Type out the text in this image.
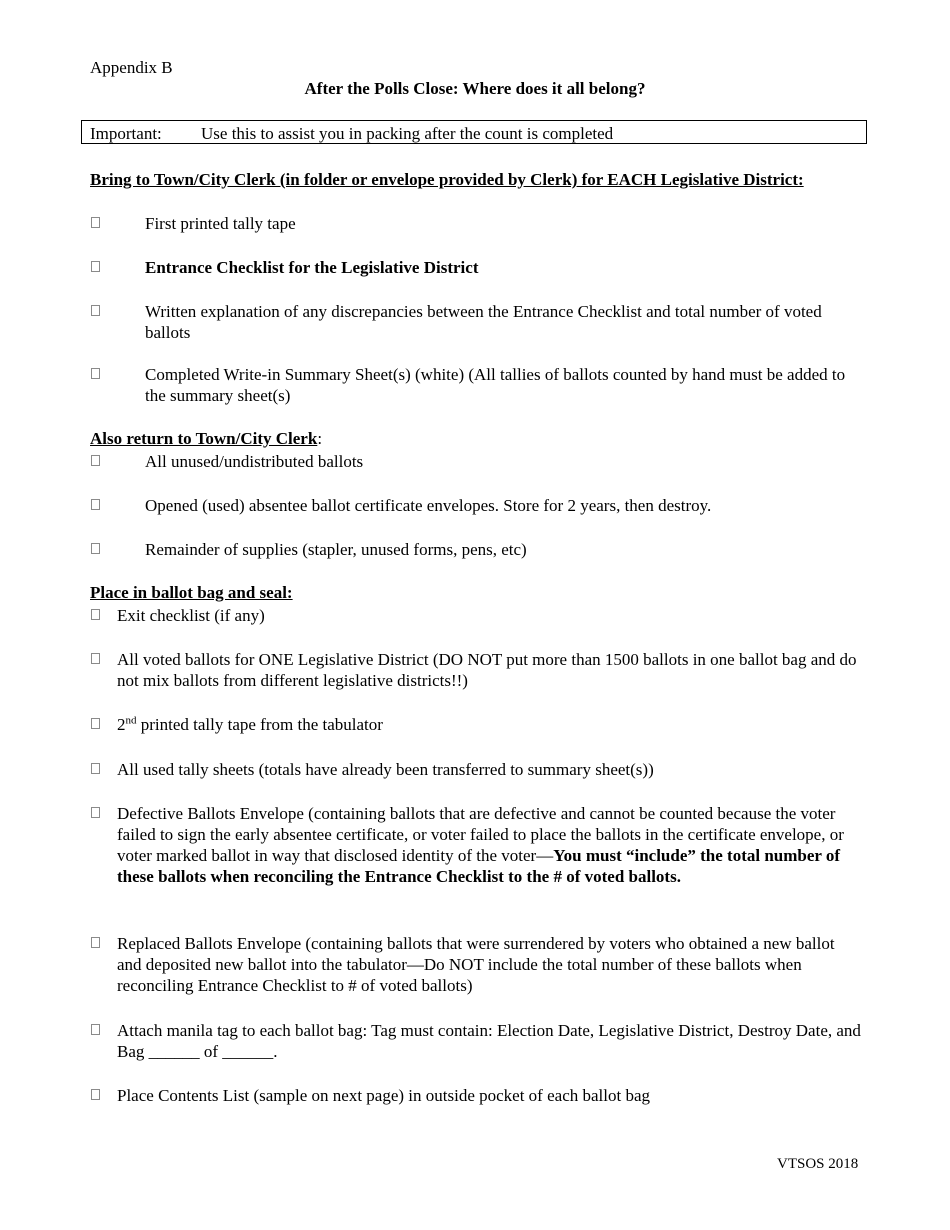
Appendix B
After the Polls Close: Where does it all belong?
Important: Use this to assist you in packing after the count is completed
Bring to Town/City Clerk (in folder or envelope provided by Clerk) for EACH Legislative District:
First printed tally tape
Entrance Checklist for the Legislative District
Written explanation of any discrepancies between the Entrance Checklist and total number of voted ballots
Completed Write-in Summary Sheet(s) (white) (All tallies of ballots counted by hand must be added to the summary sheet(s)
Also return to Town/City Clerk:
All unused/undistributed ballots
Opened (used) absentee ballot certificate envelopes. Store for 2 years, then destroy.
Remainder of supplies (stapler, unused forms, pens, etc)
Place in ballot bag and seal:
Exit checklist (if any)
All voted ballots for ONE Legislative District (DO NOT put more than 1500 ballots in one ballot bag and do not mix ballots from different legislative districts!!)
2nd printed tally tape from the tabulator
All used tally sheets (totals have already been transferred to summary sheet(s))
Defective Ballots Envelope (containing ballots that are defective and cannot be counted because the voter failed to sign the early absentee certificate, or voter failed to place the ballots in the certificate envelope, or voter marked ballot in way that disclosed identity of the voter—You must “include” the total number of these ballots when reconciling the Entrance Checklist to the # of voted ballots.
Replaced Ballots Envelope (containing ballots that were surrendered by voters who obtained a new ballot and deposited new ballot into the tabulator—Do NOT include the total number of these ballots when reconciling Entrance Checklist to # of voted ballots)
Attach manila tag to each ballot bag: Tag must contain: Election Date, Legislative District, Destroy Date, and Bag ______ of ______.
Place Contents List (sample on next page) in outside pocket of each ballot bag
VTSOS 2018
